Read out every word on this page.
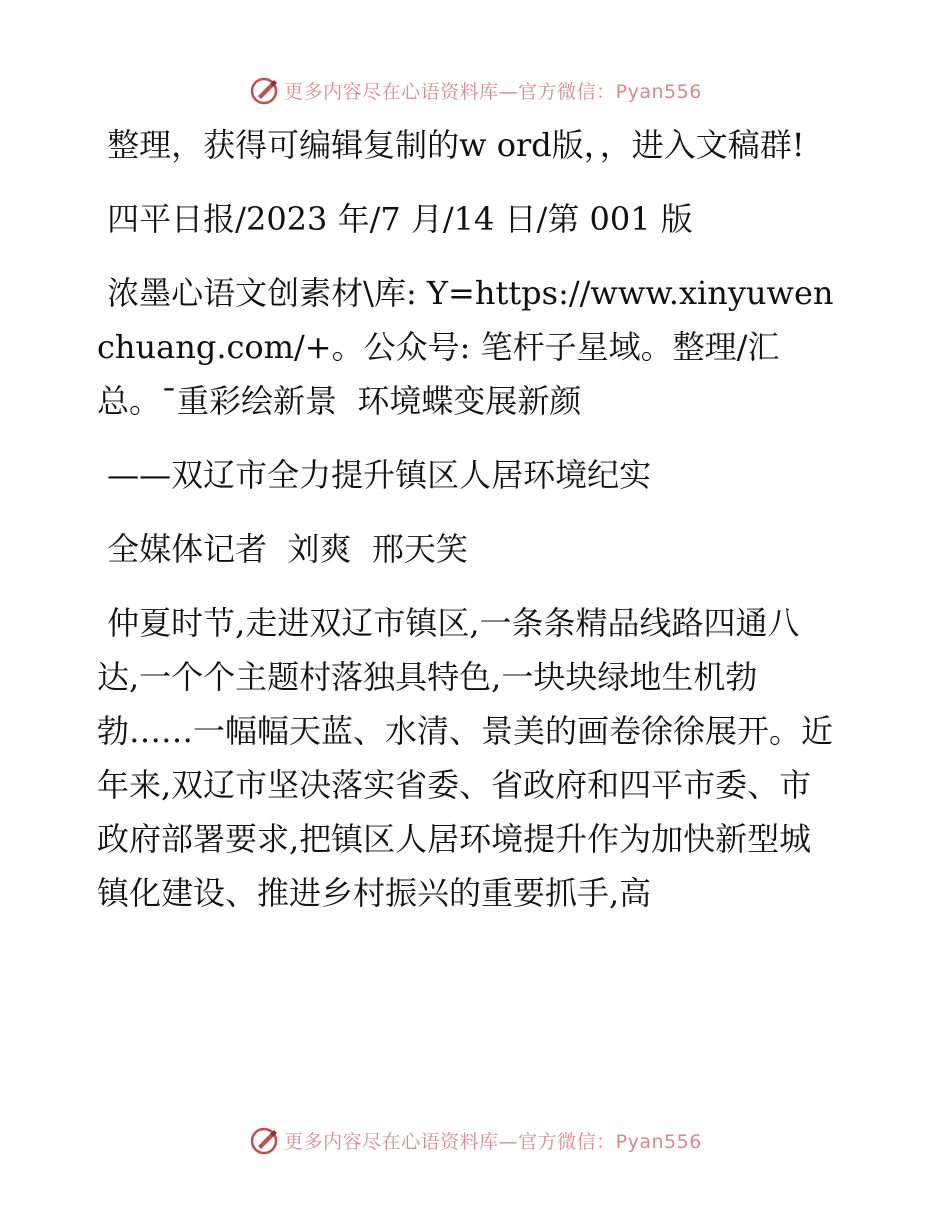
更多内容尽在心语资料库—官方微信：Pyan556

整理，获得可编辑复制的w ord版，，进入文稿群!

四平日报/2023 年/7 月/14 日/第 001 版

浓墨心语文创素材\库: Y=https://www.xinyuwenchuang.com/+。公众号: 笔杆子星域。整理/汇总。¯重彩绘新景  环境蝶变展新颜

——双辽市全力提升镇区人居环境纪实

全媒体记者  刘爽  邢天笑

仲夏时节,走进双辽市镇区,一条条精品线路四通八达,一个个主题村落独具特色,一块块绿地生机勃勃……一幅幅天蓝、水清、景美的画卷徐徐展开。近年来,双辽市坚决落实省委、省政府和四平市委、市政府部署要求,把镇区人居环境提升作为加快新型城镇化建设、推进乡村振兴的重要抓手,高

更多内容尽在心语资料库—官方微信：Pyan556
